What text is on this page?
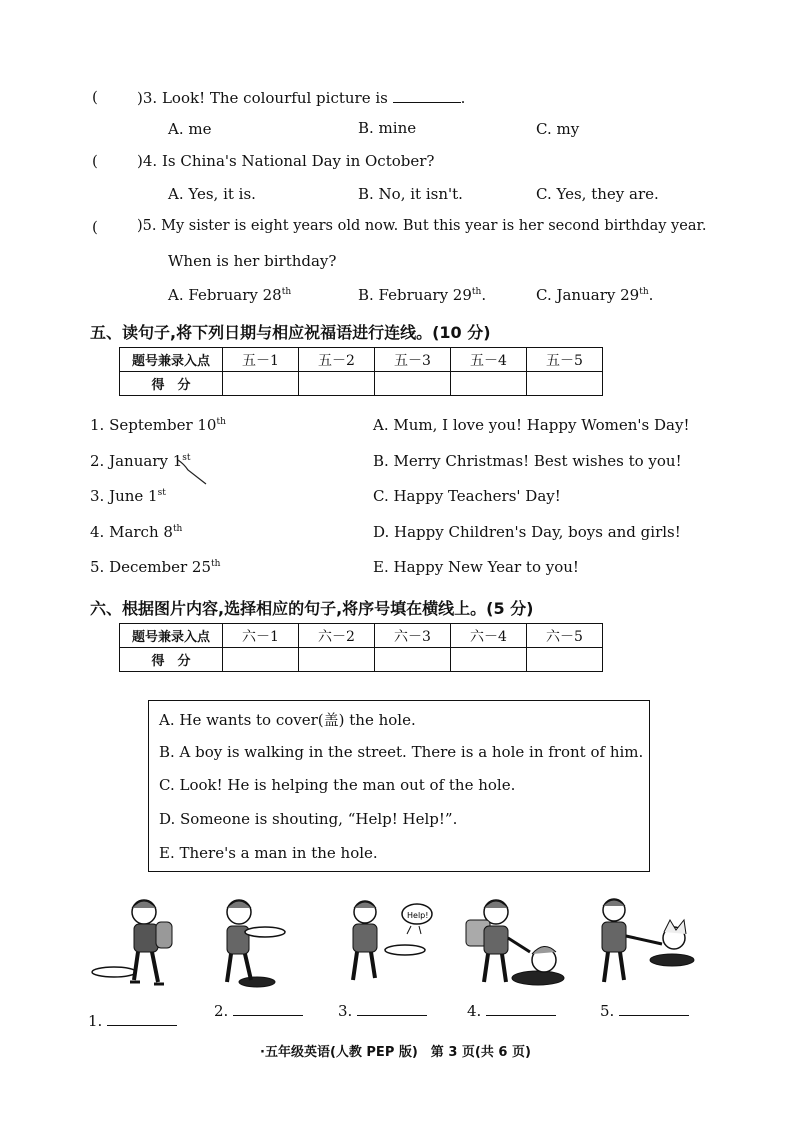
(	)3. Look! The colourful picture is	.
A. me	B. mine	C. my
(	)4. Is China's National Day in October?
A. Yes, it is.	B. No, it isn't.	C. Yes, they are.
(	)5. My sister is eight years old now. But this year is her second birthday year.
When is her birthday?
A. February 28th	B. February 29th.	C. January 29th.
五、读句子,将下列日期与相应祝福语进行连线。(10 分)
题号兼录入点	五－1	五－2	五－3	五－4	五－5
得　分					
1. September 10th
2. January 1st
3. June 1st
4. March 8th
5. December 25th
A. Mum, I love you! Happy Women's Day!
B. Merry Christmas! Best wishes to you!
C. Happy Teachers' Day!
D. Happy Children's Day, boys and girls!
E. Happy New Year to you!
六、根据图片内容,选择相应的句子,将序号填在横线上。(5 分)
题号兼录入点	六－1	六－2	六－3	六－4	六－5
得　分					
A. He wants to cover(盖) the hole.
B. A boy is walking in the street. There is a hole in front of him.
C. Look! He is helping the man out of the hole.
D. Someone is shouting, “Help! Help!”.
E. There's a man in the hole.
Help!
1.
2.	3.	4.	5.
·五年级英语(人教 PEP 版)　第 3 页(共 6 页)
